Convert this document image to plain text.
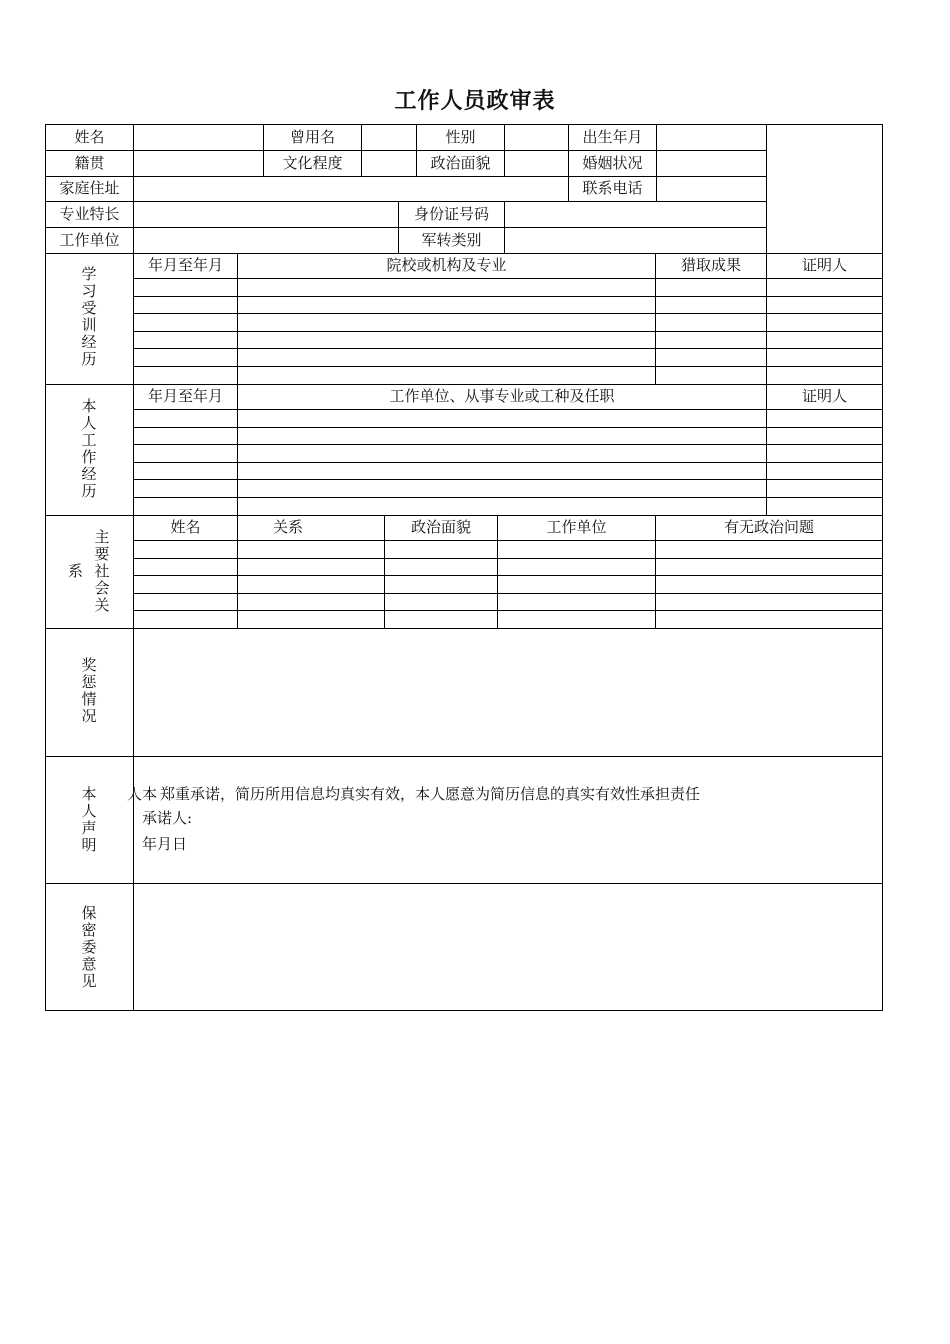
工作人员政审表
姓名	曾用名	性别	出生年月
籍贯	文化程度	政治面貌	婚姻状况
家庭住址	联系电话
专业特长	身份证号码
工作单位	军转类别
学习受训经历
年月至年月	院校或机构及专业	猎取成果	证明人
本人工作经历
年月至年月	工作单位、从事专业或工种及任职	证明人
主要社会关
系
姓名	关系	政治面貌	工作单位	有无政治问题
奖惩情况
本人声明
人本 郑重承诺，简历所用信息均真实有效，本人愿意为简历信息的真实有效性承担责任
承诺人:
年月日
保密委意见
